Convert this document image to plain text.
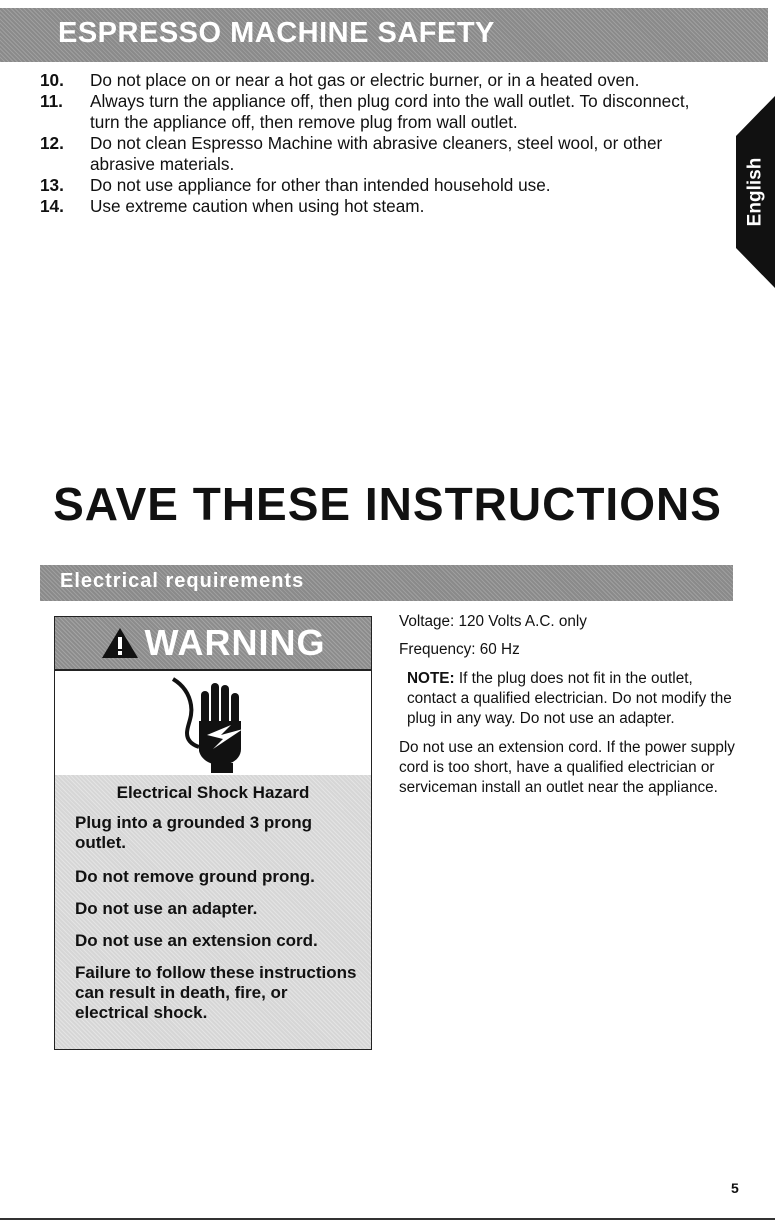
ESPRESSO MACHINE SAFETY
10. Do not place on or near a hot gas or electric burner, or in a heated oven.
11. Always turn the appliance off, then plug cord into the wall outlet. To disconnect, turn the appliance off, then remove plug from wall outlet.
12. Do not clean Espresso Machine with abrasive cleaners, steel wool, or other abrasive materials.
13. Do not use appliance for other than intended household use.
14. Use extreme caution when using hot steam.	English
SAVE THESE INSTRUCTIONS
Electrical requirements
WARNING
Electrical Shock Hazard
Plug into a grounded 3 prong outlet.
Do not remove ground prong.
Do not use an adapter.
Do not use an extension cord.
Failure to follow these instructions can result in death, fire, or electrical shock.

Voltage: 120 Volts A.C. only

Frequency: 60 Hz

NOTE: If the plug does not fit in the outlet, contact a qualified electrician. Do not modify the plug in any way. Do not use an adapter.

Do not use an extension cord. If the power supply cord is too short, have a qualified electrician or serviceman install an outlet near the appliance.

5
